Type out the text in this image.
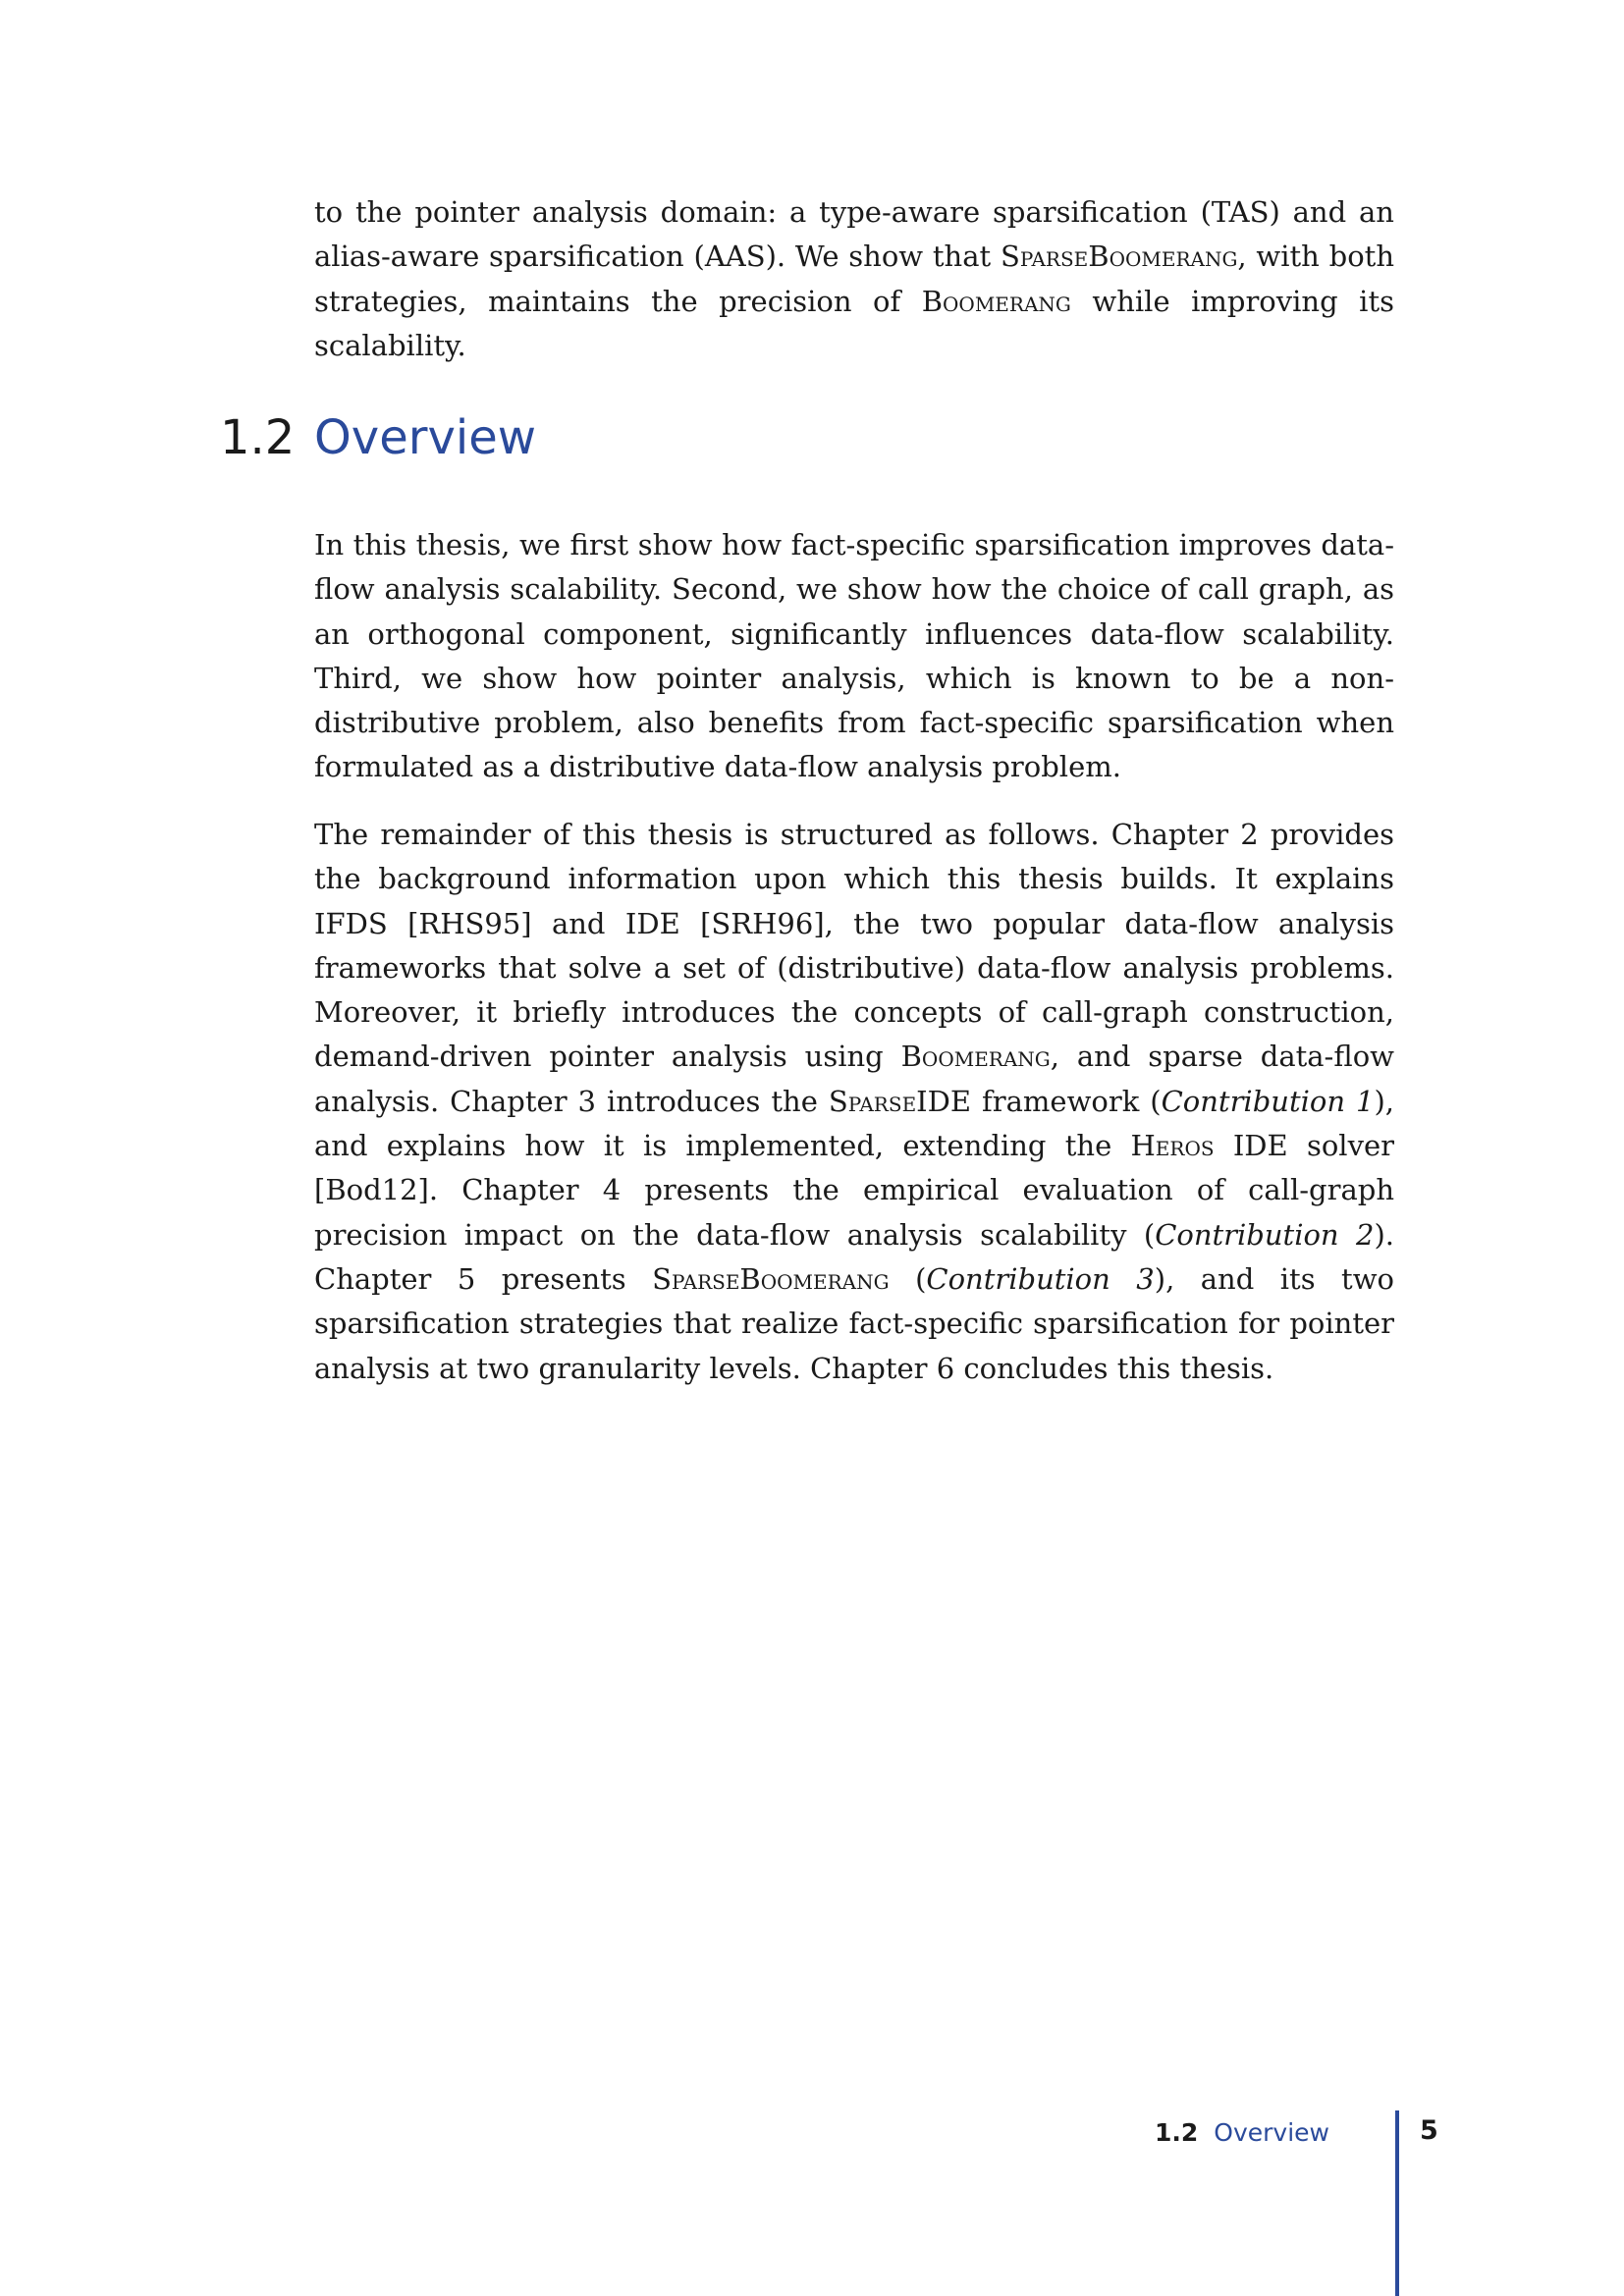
to the pointer analysis domain: a type-aware sparsification (TAS) and an alias-aware sparsification (AAS). We show that SparseBoomerang, with both strategies, maintains the precision of Boomerang while improving its scalability.

1.2 Overview

In this thesis, we first show how fact-specific sparsification improves data-flow analysis scalability. Second, we show how the choice of call graph, as an orthogonal component, significantly influences data-flow scalability. Third, we show how pointer analysis, which is known to be a non-distributive problem, also benefits from fact-specific sparsification when formulated as a distributive data-flow analysis problem.

The remainder of this thesis is structured as follows. Chapter 2 provides the background information upon which this thesis builds. It explains IFDS [RHS95] and IDE [SRH96], the two popular data-flow analysis frameworks that solve a set of (distributive) data-flow analysis problems. Moreover, it briefly introduces the concepts of call-graph construction, demand-driven pointer analysis using Boomerang, and sparse data-flow analysis. Chapter 3 introduces the SparseIDE framework (Contribution 1), and explains how it is implemented, extending the Heros IDE solver [Bod12]. Chapter 4 presents the empirical evaluation of call-graph precision impact on the data-flow analysis scalability (Contribution 2). Chapter 5 presents SparseBoomerang (Contribution 3), and its two sparsification strategies that realize fact-specific sparsification for pointer analysis at two granularity levels. Chapter 6 concludes this thesis.

1.2 Overview	5
